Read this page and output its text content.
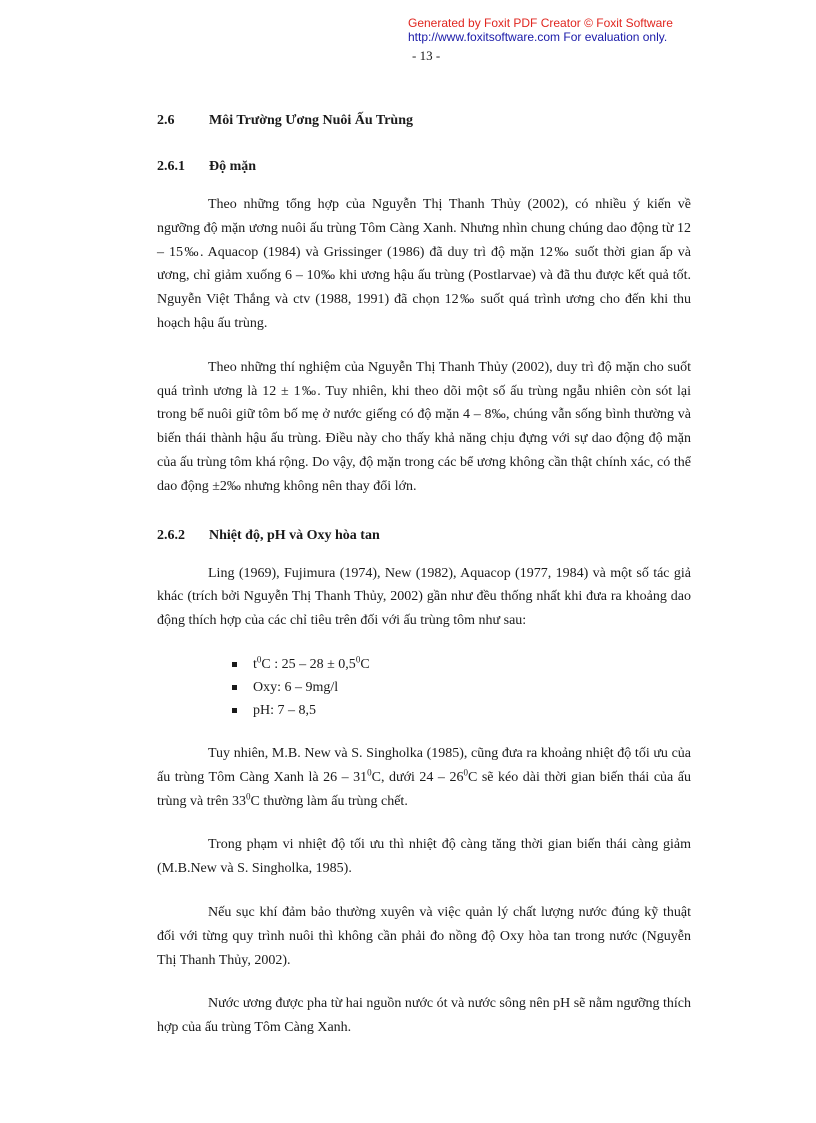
Generated by Foxit PDF Creator © Foxit Software
http://www.foxitsoftware.com For evaluation only.
- 13 -
2.6	Môi Trường Ương Nuôi Ấu Trùng
2.6.1	Độ mặn

Theo những tổng hợp của Nguyễn Thị Thanh Thủy (2002), có nhiều ý kiến về ngưỡng độ mặn ương nuôi ấu trùng Tôm Càng Xanh. Nhưng nhìn chung chúng dao động từ 12 – 15‰. Aquacop (1984) và Grissinger (1986) đã duy trì độ mặn 12‰ suốt thời gian ấp và ương, chỉ giảm xuống 6 – 10‰ khi ương hậu ấu trùng (Postlarvae) và đã thu được kết quả tốt. Nguyễn Việt Thắng và ctv (1988, 1991) đã chọn 12‰ suốt quá trình ương cho đến khi thu hoạch hậu ấu trùng.

Theo những thí nghiệm của Nguyễn Thị Thanh Thủy (2002), duy trì độ mặn cho suốt quá trình ương là 12 ± 1‰. Tuy nhiên, khi theo dõi một số ấu trùng ngẫu nhiên còn sót lại trong bể nuôi giữ tôm bố mẹ ở nước giếng có độ mặn 4 – 8‰, chúng vẫn sống bình thường và biến thái thành hậu ấu trùng. Điều này cho thấy khả năng chịu đựng với sự dao động độ mặn của ấu trùng tôm khá rộng. Do vậy, độ mặn trong các bể ương không cần thật chính xác, có thể dao động ±2‰ nhưng không nên thay đổi lớn.

2.6.2	Nhiệt độ, pH và Oxy hòa tan

Ling (1969), Fujimura (1974), New (1982), Aquacop (1977, 1984) và một số tác giả khác (trích bởi Nguyễn Thị Thanh Thủy, 2002) gần như đều thống nhất khi đưa ra khoảng dao động thích hợp của các chỉ tiêu trên đối với ấu trùng tôm như sau:

$t^0C$ : $25 - 28 \pm 0,5^0C$
Oxy: 6 – 9mg/l
pH: 7 – 8,5

Tuy nhiên, M.B. New và S. Singholka (1985), cũng đưa ra khoảng nhiệt độ tối ưu của ấu trùng Tôm Càng Xanh là $26 - 31^0C$, dưới $24 - 26^0C$ sẽ kéo dài thời gian biến thái của ấu trùng và trên $33^0C$ thường làm ấu trùng chết.

Trong phạm vi nhiệt độ tối ưu thì nhiệt độ càng tăng thời gian biến thái càng giảm (M.B.New và S. Singholka, 1985).

Nếu sục khí đảm bảo thường xuyên và việc quản lý chất lượng nước đúng kỹ thuật đối với từng quy trình nuôi thì không cần phải đo nồng độ Oxy hòa tan trong nước (Nguyễn Thị Thanh Thủy, 2002).

Nước ương được pha từ hai nguồn nước ót và nước sông nên pH sẽ nằm ngưỡng thích hợp của ấu trùng Tôm Càng Xanh.
